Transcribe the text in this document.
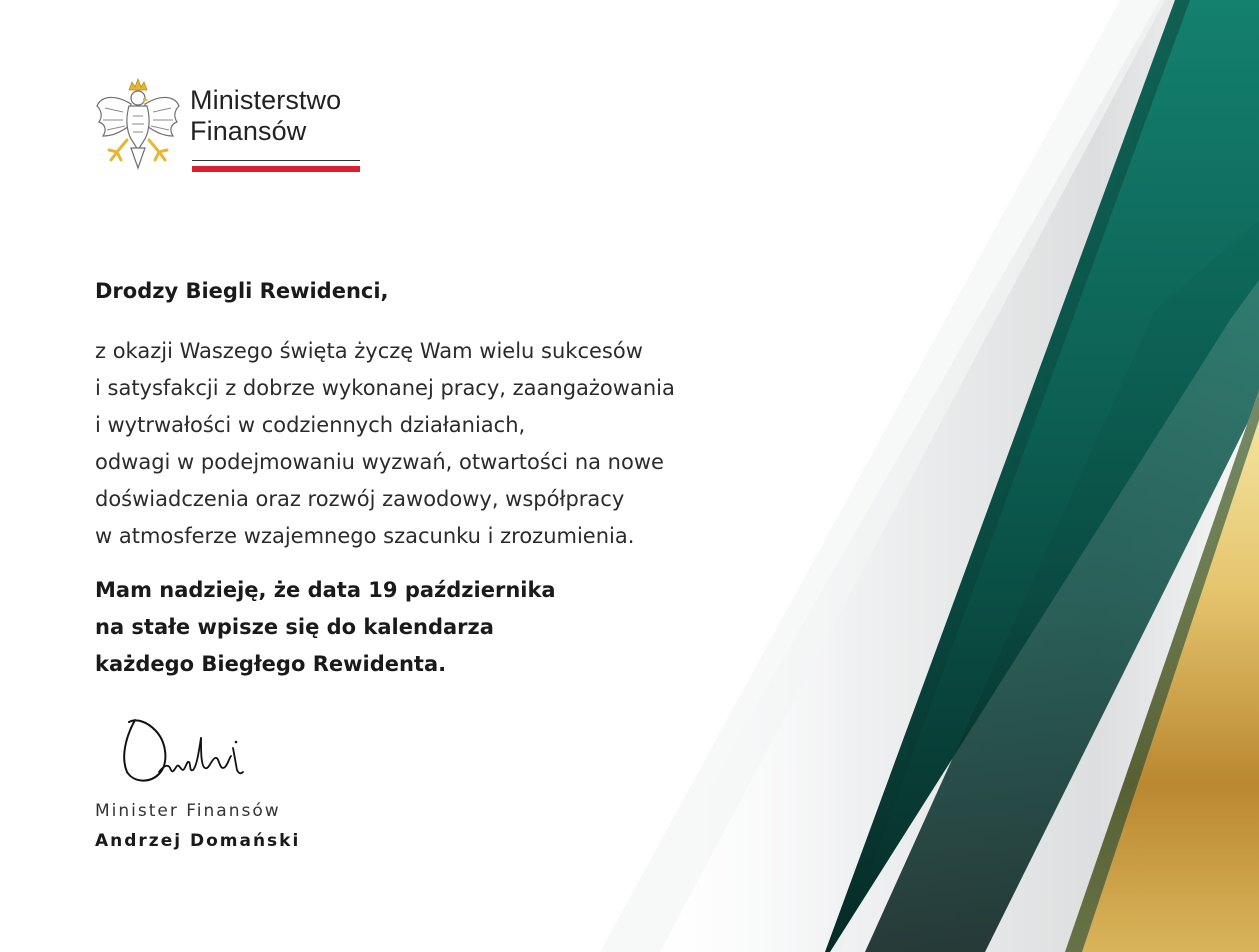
Ministerstwo
Finansów

Drodzy Biegli Rewidenci,

z okazji Waszego święta życzę Wam wielu sukcesów
i satysfakcji z dobrze wykonanej pracy, zaangażowania
i wytrwałości w codziennych działaniach,
odwagi w podejmowaniu wyzwań, otwartości na nowe
doświadczenia oraz rozwój zawodowy, współpracy
w atmosferze wzajemnego szacunku i zrozumienia.
Mam nadzieję, że data 19 października
na stałe wpisze się do kalendarza
każdego Biegłego Rewidenta.
Minister Finansów
Andrzej Domański
